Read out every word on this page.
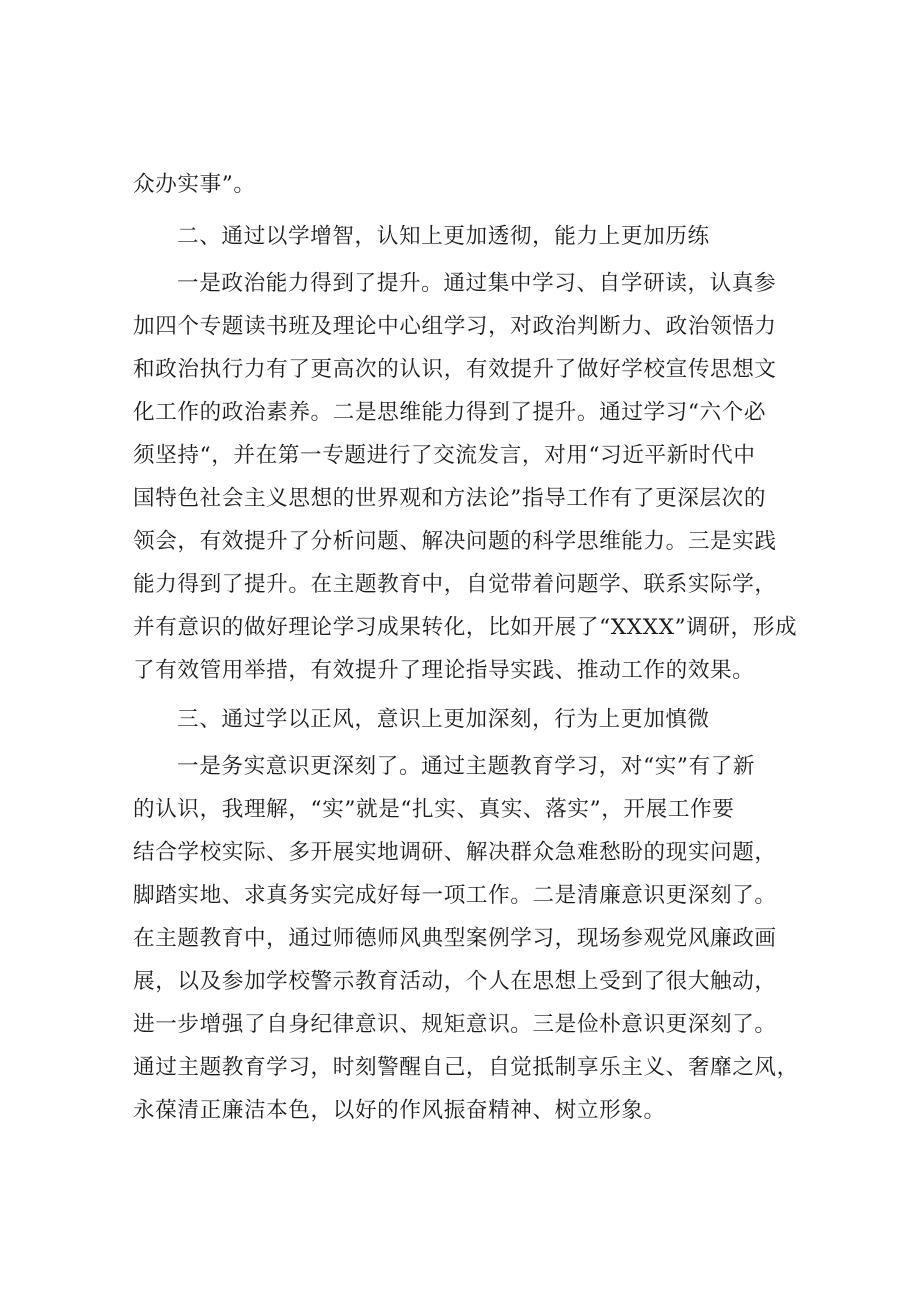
众办实事”。
二、通过以学增智，认知上更加透彻，能力上更加历练
一是政治能力得到了提升。通过集中学习、自学研读，认真参
加四个专题读书班及理论中心组学习，对政治判断力、政治领悟力
和政治执行力有了更高次的认识，有效提升了做好学校宣传思想文
化工作的政治素养。二是思维能力得到了提升。通过学习“六个必
须坚持“，并在第一专题进行了交流发言，对用“习近平新时代中
国特色社会主义思想的世界观和方法论”指导工作有了更深层次的
领会，有效提升了分析问题、解决问题的科学思维能力。三是实践
能力得到了提升。在主题教育中，自觉带着问题学、联系实际学，
并有意识的做好理论学习成果转化，比如开展了“XXXX”调研，形成
了有效管用举措，有效提升了理论指导实践、推动工作的效果。
三、通过学以正风，意识上更加深刻，行为上更加慎微
一是务实意识更深刻了。通过主题教育学习，对“实”有了新
的认识，我理解，“实”就是“扎实、真实、落实”，开展工作要
结合学校实际、多开展实地调研、解决群众急难愁盼的现实问题，
脚踏实地、求真务实完成好每一项工作。二是清廉意识更深刻了。
在主题教育中，通过师德师风典型案例学习，现场参观党风廉政画
展，以及参加学校警示教育活动，个人在思想上受到了很大触动，
进一步增强了自身纪律意识、规矩意识。三是俭朴意识更深刻了。
通过主题教育学习，时刻警醒自己，自觉抵制享乐主义、奢靡之风，
永葆清正廉洁本色，以好的作风振奋精神、树立形象。
